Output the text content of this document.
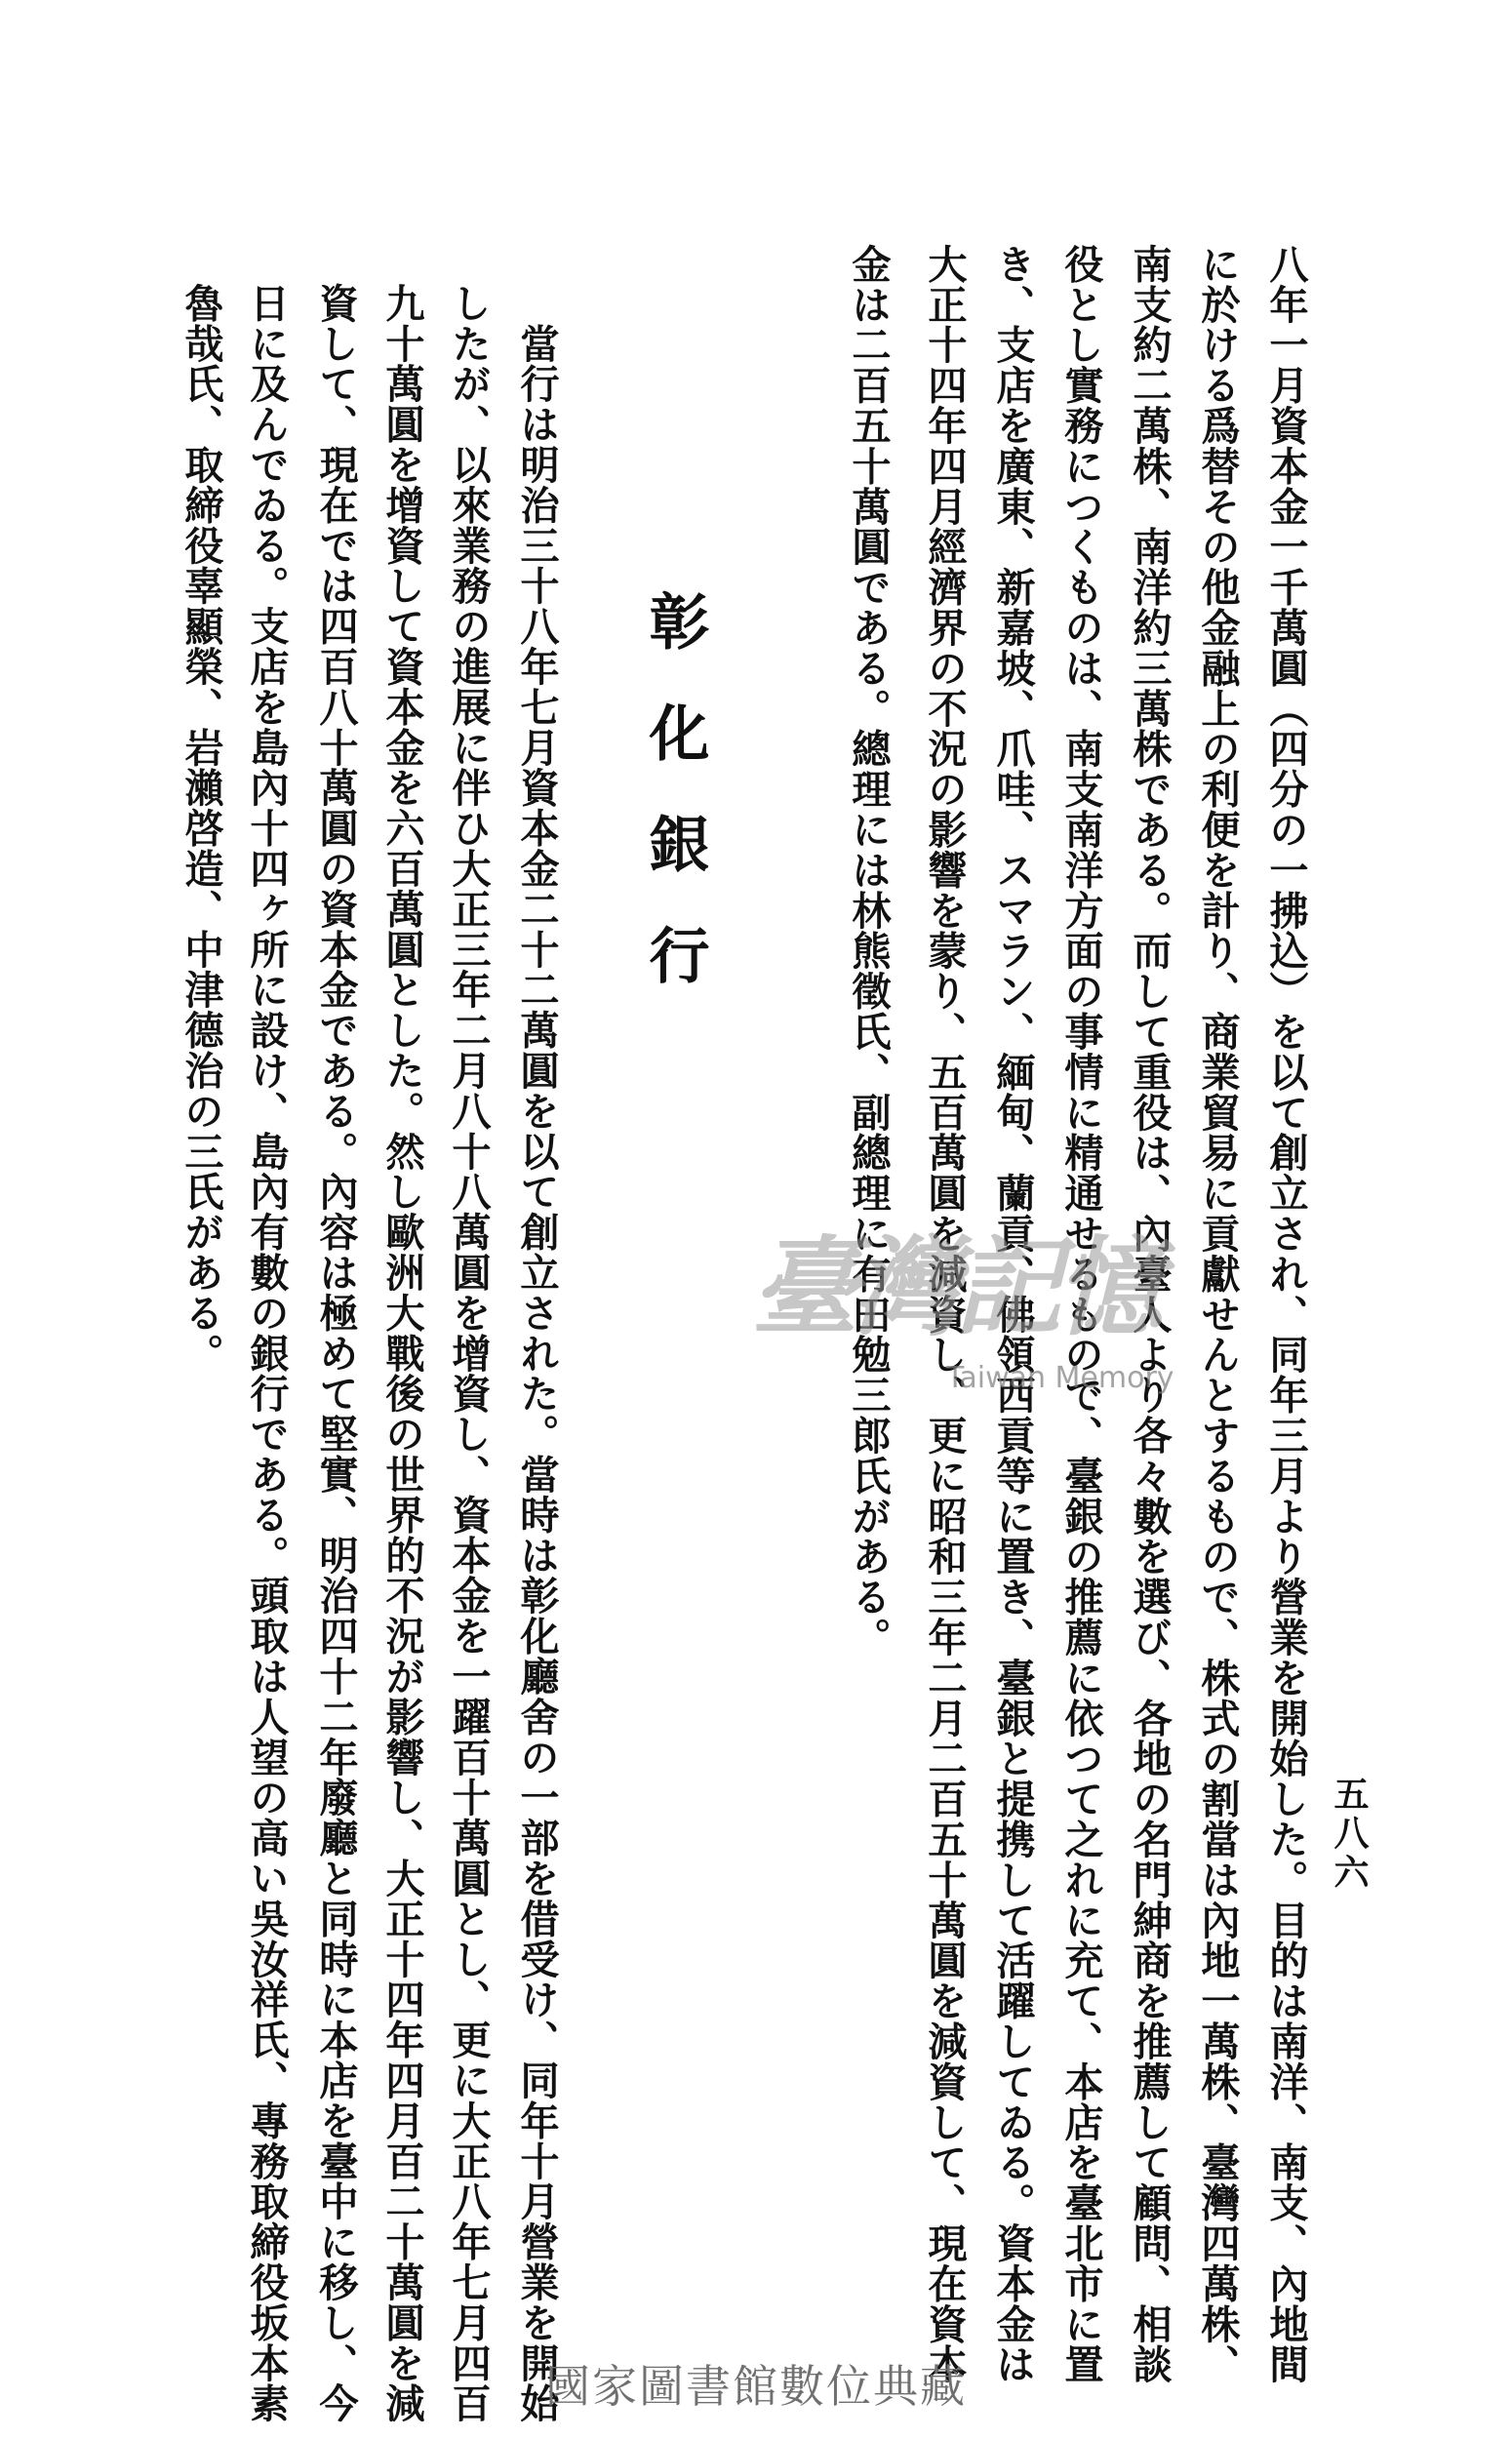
五八六
八年一月資本金一千萬圓（四分の一拂込）を以て創立され、同年三月より營業を開始した。目的は南洋、南支、內地間
に於ける爲替その他金融上の利便を計り、商業貿易に貢獻せんとするもので、株式の割當は內地一萬株、臺灣四萬株、
南支約二萬株、南洋約三萬株である。而して重役は、內臺人より各々數を選び、各地の名門紳商を推薦して顧問、相談
役とし實務につくものは、南支南洋方面の事情に精通せるもので、臺銀の推薦に依つて之れに充て、本店を臺北市に置
き、支店を廣東、新嘉坡、爪哇、スマラン、緬甸、蘭貢、佛領西貢等に置き、臺銀と提携して活躍してゐる。資本金は
大正十四年四月經濟界の不況の影響を蒙り、五百萬圓を減資し、更に昭和三年二月二百五十萬圓を減資して、現在資本
金は二百五十萬圓である。總理には林熊徵氏、副總理に有田勉三郎氏がある。
彰化銀行
　當行は明治三十八年七月資本金二十二萬圓を以て創立された。當時は彰化廳舍の一部を借受け、同年十月營業を開始
したが、以來業務の進展に伴ひ大正三年二月八十八萬圓を增資し、資本金を一躍百十萬圓とし、更に大正八年七月四百
九十萬圓を增資して資本金を六百萬圓とした。然し歐洲大戰後の世界的不況が影響し、大正十四年四月百二十萬圓を減
資して、現在では四百八十萬圓の資本金である。內容は極めて堅實、明治四十二年廢廳と同時に本店を臺中に移し、今
日に及んでゐる。支店を島內十四ヶ所に設け、島內有數の銀行である。頭取は人望の高い吳汝祥氏、專務取締役坂本素
魯哉氏、取締役辜顯榮、岩瀨啓造、中津德治の三氏がある。	臺灣記憶
Taiwan Memory
國家圖書館數位典藏
